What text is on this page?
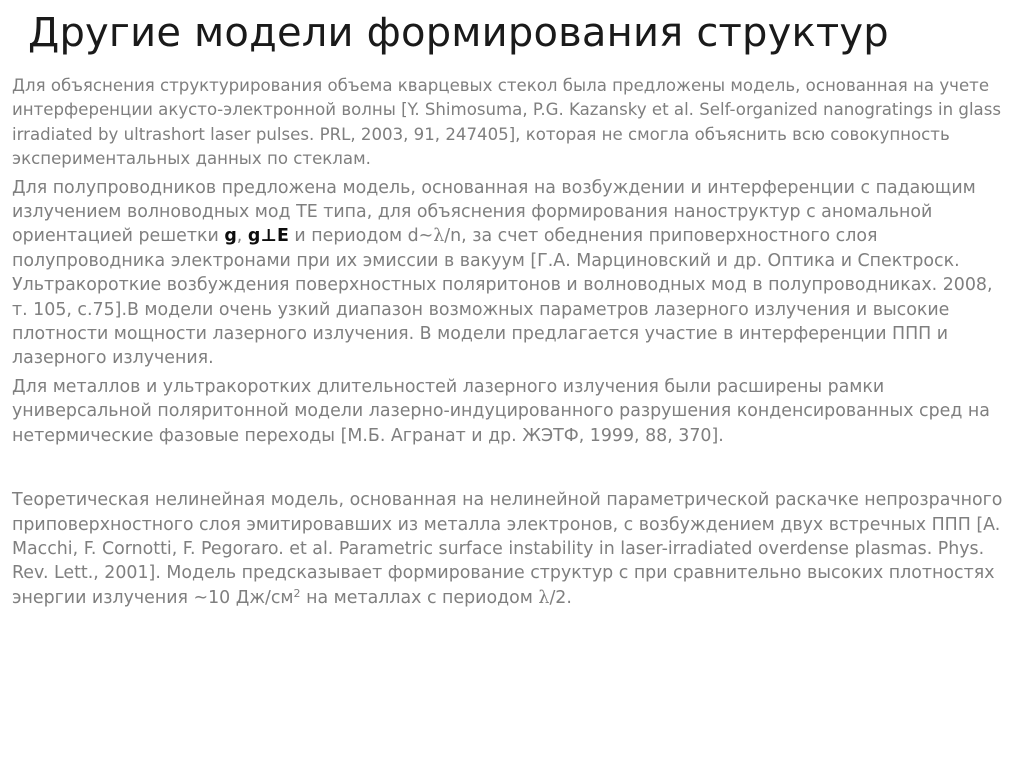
Другие модели формирования структур

Для объяснения структурирования объема кварцевых стекол была предложены модель, основанная на учете интерференции акусто-электронной волны [Y. Shimosuma, P.G. Kazansky et al. Self-organized nanogratings in glass irradiated by ultrashort laser pulses. PRL, 2003, 91, 247405], которая не смогла объяснить всю совокупность экспериментальных данных по стеклам.

Для полупроводников предложена модель, основанная на возбуждении и интерференции с падающим излучением волноводных мод ТЕ типа, для объяснения формирования наноструктур с аномальной ориентацией решетки g, g⊥E и периодом d~λ/n, за счет обеднения приповерхностного слоя полупроводника электронами при их эмиссии в вакуум [Г.А. Марциновский и др. Оптика и Спектроск. Ультракороткие возбуждения поверхностных поляритонов и волноводных мод в полупроводниках. 2008, т. 105, с.75].В модели очень узкий диапазон возможных параметров лазерного излучения и высокие плотности мощности лазерного излучения. В модели предлагается участие в интерференции ППП и лазерного излучения.

Для металлов и ультракоротких длительностей лазерного излучения были расширены рамки универсальной поляритонной модели лазерно-индуцированного разрушения конденсированных сред на нетермические фазовые переходы [М.Б. Агранат и др. ЖЭТФ, 1999, 88, 370].

Теоретическая нелинейная модель, основанная на нелинейной параметрической раскачке непрозрачного приповерхностного слоя эмитировавших из металла электронов, с возбуждением двух встречных ППП [A. Macchi, F. Cornotti, F. Pegoraro. et al. Parametric surface instability in laser-irradiated overdense plasmas. Phys. Rev. Lett., 2001]. Модель предсказывает формирование структур с при сравнительно высоких плотностях энергии излучения ~10 $Дж/см^2$ на металлах с периодом λ/2.
